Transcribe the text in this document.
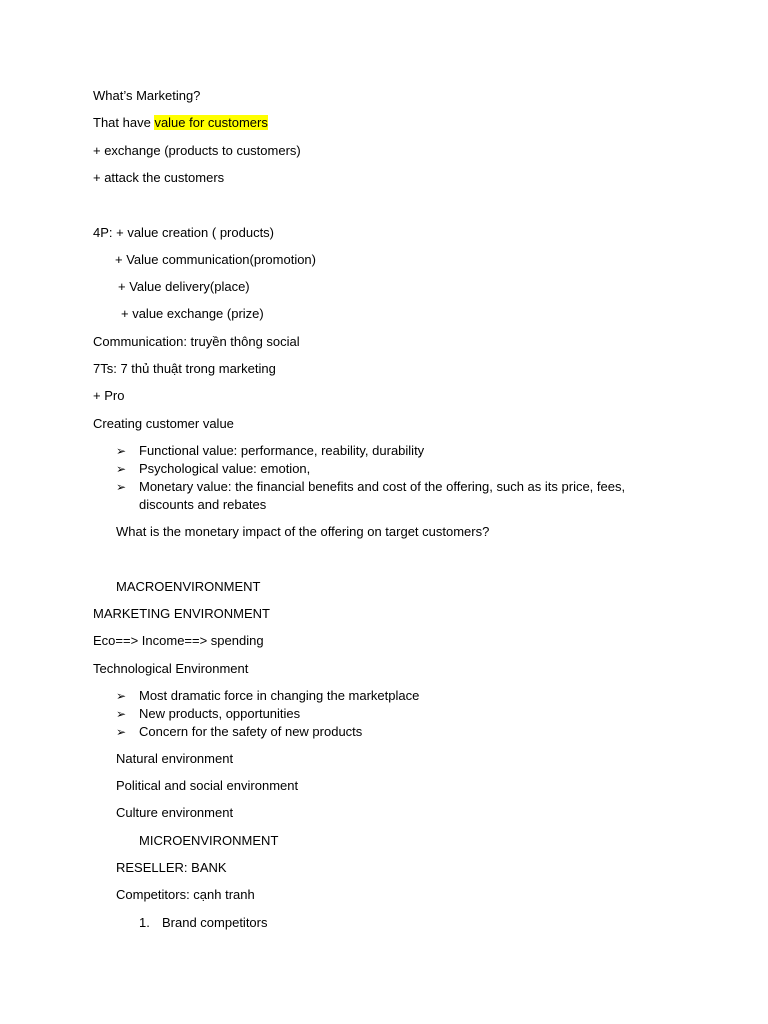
What’s Marketing?
That have value for customers
+ exchange (products to customers)
+ attack the customers
4P: + value creation ( products)
+ Value communication(promotion)
+ Value delivery(place)
+ value exchange (prize)
Communication: truyền thông social
7Ts: 7 thủ thuật trong marketing
+ Pro
Creating customer value
➢ Functional value: performance, reability, durability
➢ Psychological value: emotion,
➢ Monetary value: the financial benefits and cost of the offering, such as its price, fees,
discounts and rebates
What is the monetary impact of the offering on target customers?
MACROENVIRONMENT
MARKETING ENVIRONMENT
Eco==> Income==> spending
Technological Environment
➢ Most dramatic force in changing the marketplace
➢ New products, opportunities
➢ Concern for the safety of new products
Natural environment
Political and social environment
Culture environment
MICROENVIRONMENT
RESELLER: BANK
Competitors: cạnh tranh
1. Brand competitors
